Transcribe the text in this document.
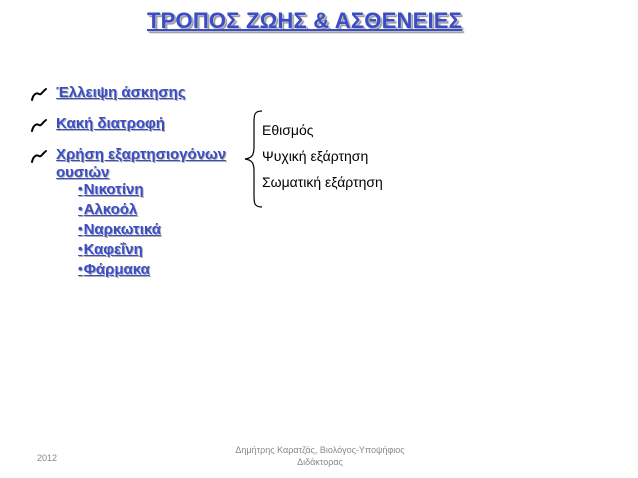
ΤΡΟΠΟΣ ΖΩΗΣ & ΑΣΘΕΝΕΙΕΣ
Έλλειψη άσκησης
Κακή διατροφή
Χρήση εξαρτησιογόνων
ουσιών
•Νικοτίνη
•Αλκοόλ
•Ναρκωτικά
•Καφεΐνη
•Φάρμακα
Εθισμός
Ψυχική εξάρτηση
Σωματική εξάρτηση
2012
Δημήτρης Καρατζάς, Βιολόγος-Υποψήφιος
Διδάκτορας
